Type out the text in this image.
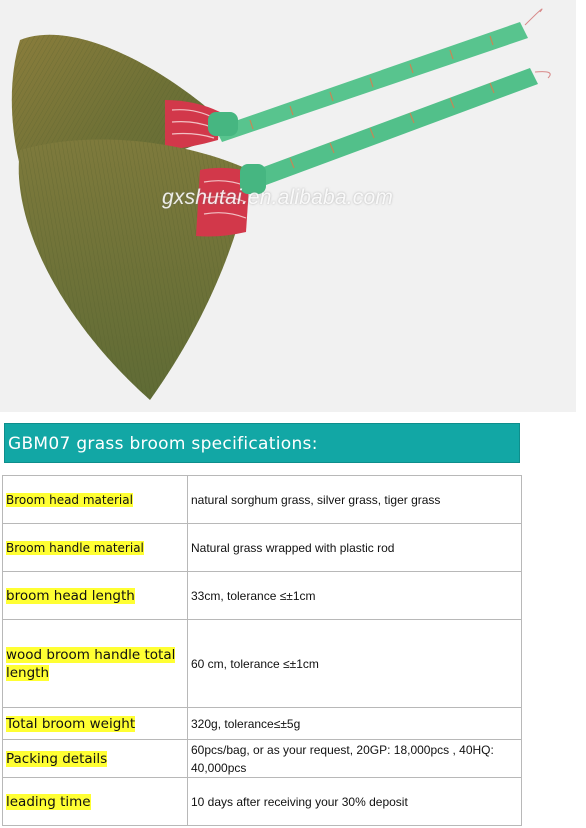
gxshutai.en.alibaba.com
GBM07 grass broom specifications:
Broom head material	natural sorghum grass, silver grass, tiger grass
Broom handle material	Natural grass wrapped with plastic rod
broom head length	33cm, tolerance ≤±1cm
wood broom handle total length	60 cm, tolerance ≤±1cm
Total broom weight	320g, tolerance≤±5g
Packing details	60pcs/bag, or as your request, 20GP: 18,000pcs , 40HQ: 40,000pcs
leading time	10 days after receiving your 30% deposit
